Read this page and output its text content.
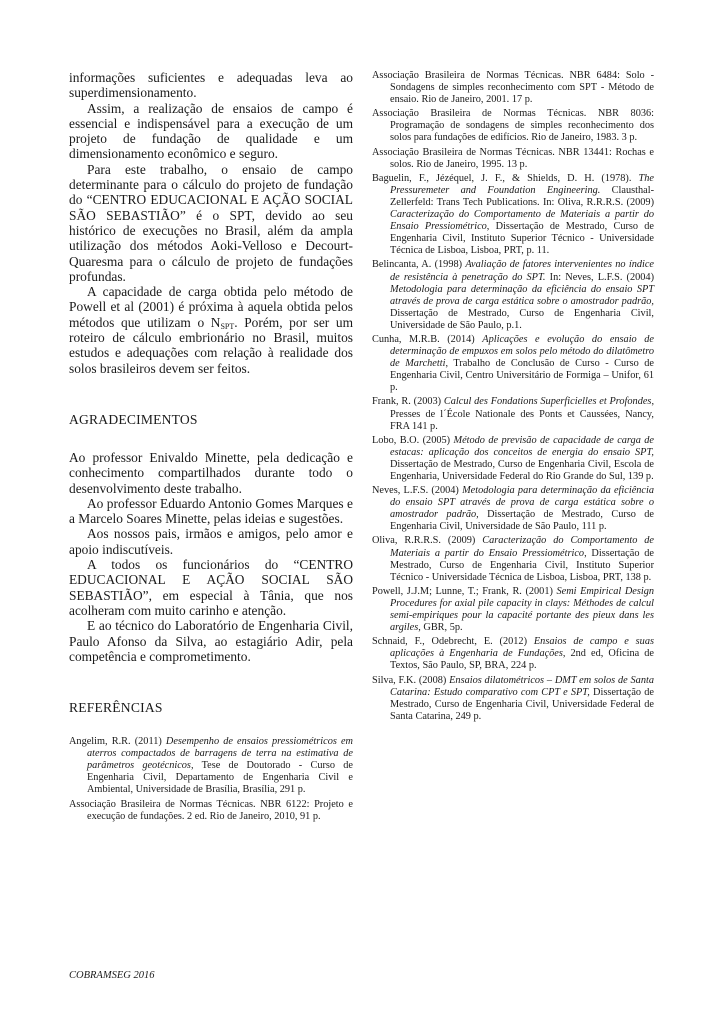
informações suficientes e adequadas leva ao superdimensionamento.

Assim, a realização de ensaios de campo é essencial e indispensável para a execução de um projeto de fundação de qualidade e um dimensionamento econômico e seguro.

Para este trabalho, o ensaio de campo determinante para o cálculo do projeto de fundação do “CENTRO EDUCACIONAL E AÇÃO SOCIAL SÃO SEBASTIÃO” é o SPT, devido ao seu histórico de execuções no Brasil, além da ampla utilização dos métodos Aoki-Velloso e Decourt-Quaresma para o cálculo de projeto de fundações profundas.

A capacidade de carga obtida pelo método de Powell et al (2001) é próxima à aquela obtida pelos métodos que utilizam o $N_{SPT}$. Porém, por ser um roteiro de cálculo embrionário no Brasil, muitos estudos e adequações com relação à realidade dos solos brasileiros devem ser feitos.

AGRADECIMENTOS

Ao professor Enivaldo Minette, pela dedicação e conhecimento compartilhados durante todo o desenvolvimento deste trabalho.

Ao professor Eduardo Antonio Gomes Marques e a Marcelo Soares Minette, pelas ideias e sugestões.

Aos nossos pais, irmãos e amigos, pelo amor e apoio indiscutíveis.

A todos os funcionários do “CENTRO EDUCACIONAL E AÇÃO SOCIAL SÃO SEBASTIÃO”, em especial à Tânia, que nos acolheram com muito carinho e atenção.

E ao técnico do Laboratório de Engenharia Civil, Paulo Afonso da Silva, ao estagiário Adir, pela competência e comprometimento.

REFERÊNCIAS
Angelim, R.R. (2011) Desempenho de ensaios pressiométricos em aterros compactados de barragens de terra na estimativa de parâmetros geotécnicos, Tese de Doutorado - Curso de Engenharia Civil, Departamento de Engenharia Civil e Ambiental, Universidade de Brasília, Brasília, 291 p.
Associação Brasileira de Normas Técnicas. NBR 6122: Projeto e execução de fundações. 2 ed. Rio de Janeiro, 2010, 91 p.
Associação Brasileira de Normas Técnicas. NBR 6484: Solo - Sondagens de simples reconhecimento com SPT - Método de ensaio. Rio de Janeiro, 2001. 17 p.
Associação Brasileira de Normas Técnicas. NBR 8036: Programação de sondagens de simples reconhecimento dos solos para fundações de edifícios. Rio de Janeiro, 1983. 3 p.
Associação Brasileira de Normas Técnicas. NBR 13441: Rochas e solos. Rio de Janeiro, 1995. 13 p.
Baguelin, F., Jézéquel, J. F., & Shields, D. H. (1978). The Pressuremeter and Foundation Engineering. Clausthal-Zellerfeld: Trans Tech Publications. In: Oliva, R.R.R.S. (2009) Caracterização do Comportamento de Materiais a partir do Ensaio Pressiométrico, Dissertação de Mestrado, Curso de Engenharia Civil, Instituto Superior Técnico - Universidade Técnica de Lisboa, Lisboa, PRT, p. 11.
Belincanta, A. (1998) Avaliação de fatores intervenientes no índice de resistência à penetração do SPT. In: Neves, L.F.S. (2004) Metodologia para determinação da eficiência do ensaio SPT através de prova de carga estática sobre o amostrador padrão, Dissertação de Mestrado, Curso de Engenharia Civil, Universidade de São Paulo, p.1.
Cunha, M.R.B. (2014) Aplicações e evolução do ensaio de determinação de empuxos em solos pelo método do dilatômetro de Marchetti, Trabalho de Conclusão de Curso - Curso de Engenharia Civil, Centro Universitário de Formiga – Unifor, 61 p.
Frank, R. (2003) Calcul des Fondations Superficielles et Profondes, Presses de l´École Nationale des Ponts et Caussées, Nancy, FRA 141 p.
Lobo, B.O. (2005) Método de previsão de capacidade de carga de estacas: aplicação dos conceitos de energia do ensaio SPT, Dissertação de Mestrado, Curso de Engenharia Civil, Escola de Engenharia, Universidade Federal do Rio Grande do Sul, 139 p.
Neves, L.F.S. (2004) Metodologia para determinação da eficiência do ensaio SPT através de prova de carga estática sobre o amostrador padrão, Dissertação de Mestrado, Curso de Engenharia Civil, Universidade de São Paulo, 111 p.
Oliva, R.R.R.S. (2009) Caracterização do Comportamento de Materiais a partir do Ensaio Pressiométrico, Dissertação de Mestrado, Curso de Engenharia Civil, Instituto Superior Técnico - Universidade Técnica de Lisboa, Lisboa, PRT, 138 p.
Powell, J.J.M; Lunne, T.; Frank, R. (2001) Semi Empirical Design Procedures for axial pile capacity in clays: Méthodes de calcul semi-empiriques pour la capacité portante des pieux dans les argiles, GBR, 5p.
Schnaid, F., Odebrecht, E. (2012) Ensaios de campo e suas aplicações à Engenharia de Fundações, 2nd ed, Oficina de Textos, São Paulo, SP, BRA, 224 p.
Silva, F.K. (2008) Ensaios dilatométricos – DMT em solos de Santa Catarina: Estudo comparativo com CPT e SPT, Dissertação de Mestrado, Curso de Engenharia Civil, Universidade Federal de Santa Catarina, 249 p.
COBRAMSEG 2016
